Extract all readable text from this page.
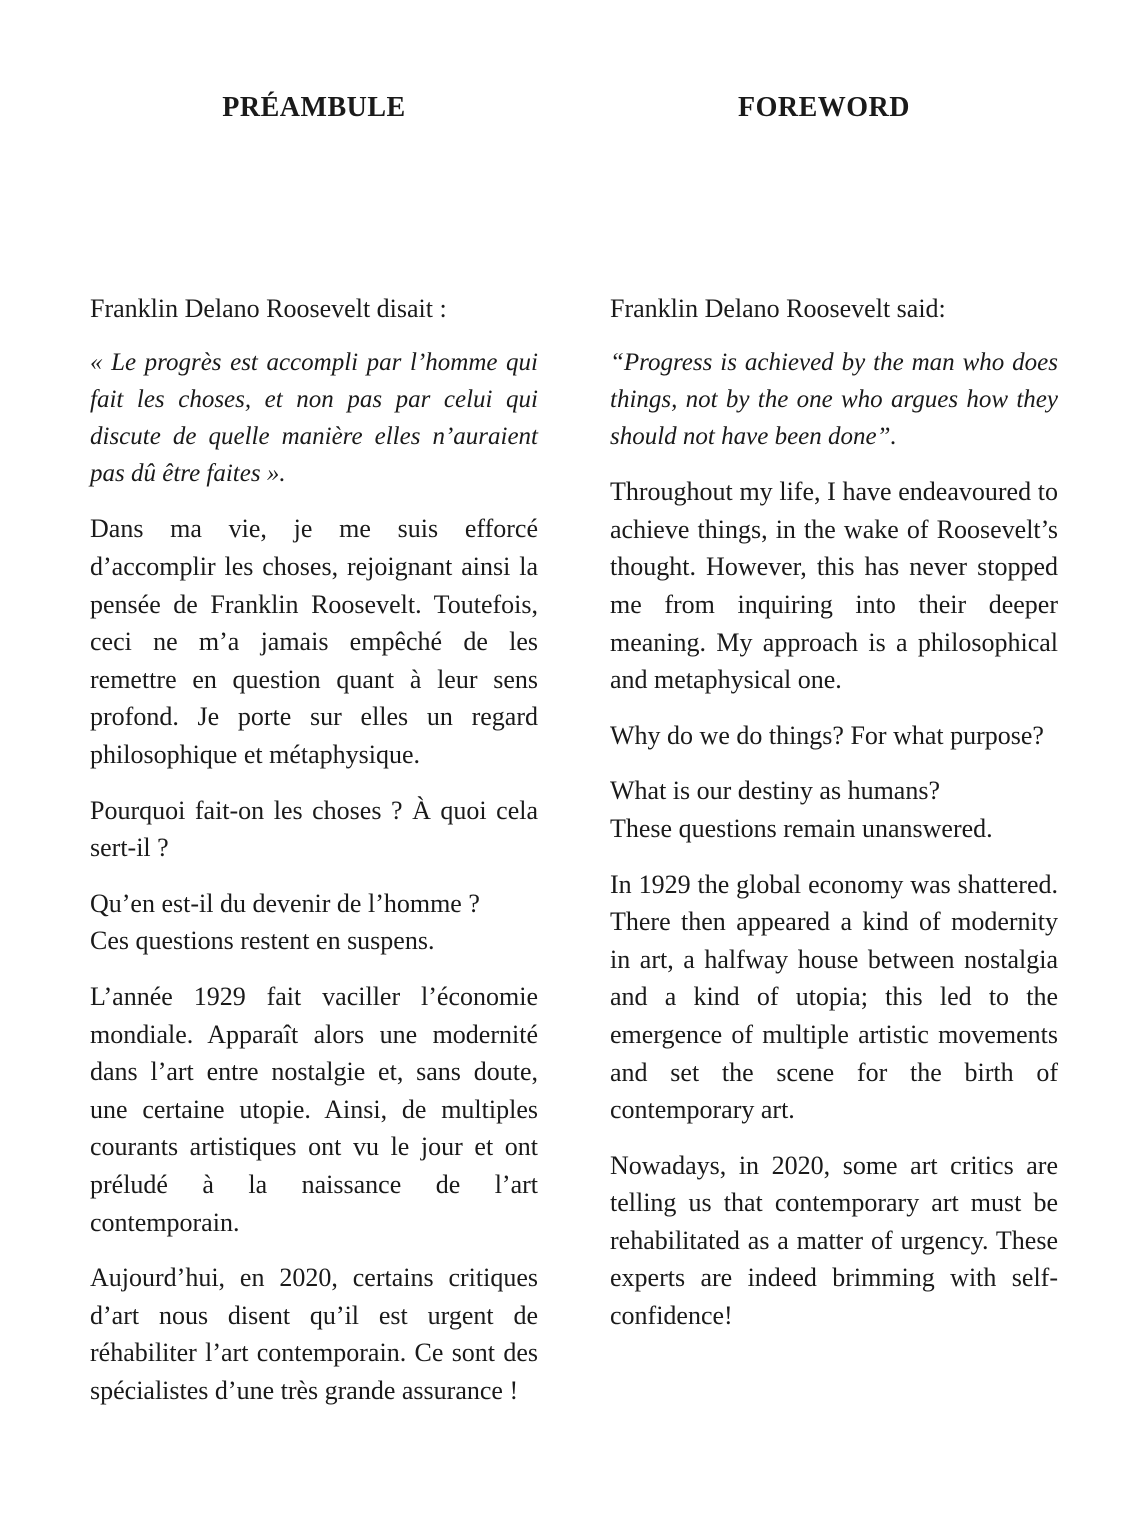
PRÉAMBULE

Franklin Delano Roosevelt disait :

« Le progrès est accompli par l’homme qui fait les choses, et non pas par celui qui discute de quelle manière elles n’auraient pas dû être faites ».

Dans ma vie, je me suis efforcé d’accomplir les choses, rejoignant ainsi la pensée de Franklin Roosevelt. Toutefois, ceci ne m’a jamais empêché de les remettre en question quant à leur sens profond. Je porte sur elles un regard philosophique et métaphysique.

Pourquoi fait-on les choses ? À quoi cela sert-il ?

Qu’en est-il du devenir de l’homme ?
Ces questions restent en suspens.

L’année 1929 fait vaciller l’économie mondiale. Apparaît alors une modernité dans l’art entre nostalgie et, sans doute, une certaine utopie. Ainsi, de multiples courants artistiques ont vu le jour et ont préludé à la naissance de l’art contemporain.

Aujourd’hui, en 2020, certains critiques d’art nous disent qu’il est urgent de réhabiliter l’art contemporain. Ce sont des spécialistes d’une très grande assurance !

FOREWORD

Franklin Delano Roosevelt said:

“Progress is achieved by the man who does things, not by the one who argues how they should not have been done”.

Throughout my life, I have endeavoured to achieve things, in the wake of Roosevelt’s thought. However, this has never stopped me from inquiring into their deeper meaning. My approach is a philosophical and metaphysical one.

Why do we do things? For what purpose?

What is our destiny as humans?
These questions remain unanswered.

In 1929 the global economy was shattered. There then appeared a kind of modernity in art, a halfway house between nostalgia and a kind of utopia; this led to the emergence of multiple artistic movements and set the scene for the birth of contemporary art.

Nowadays, in 2020, some art critics are telling us that contemporary art must be rehabilitated as a matter of urgency. These experts are indeed brimming with self-confidence!
